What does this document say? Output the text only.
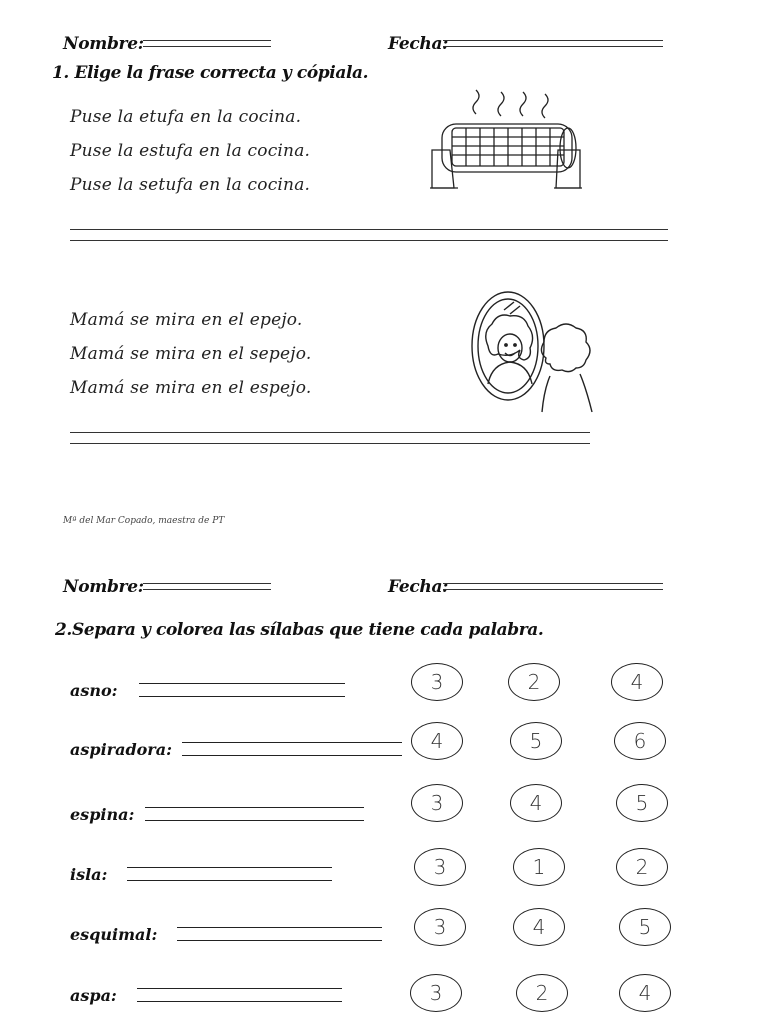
Nombre:	Fecha:
1. Elige la frase correcta y cópiala.
Puse la etufa en la cocina.
Puse la estufa en la cocina.
Puse la setufa en la cocina.
Mamá se mira en el epejo.
Mamá se mira en el sepejo.
Mamá se mira en el espejo.
Mª del Mar Copado, maestra de PT
Nombre:	Fecha:
2.Separa y colorea las sílabas que tiene cada palabra.
asno:	3	2	4
aspiradora:	4	5	6
espina:	3	4	5
isla:	3	1	2
esquimal:	3	4	5
aspa:	3	2	4
